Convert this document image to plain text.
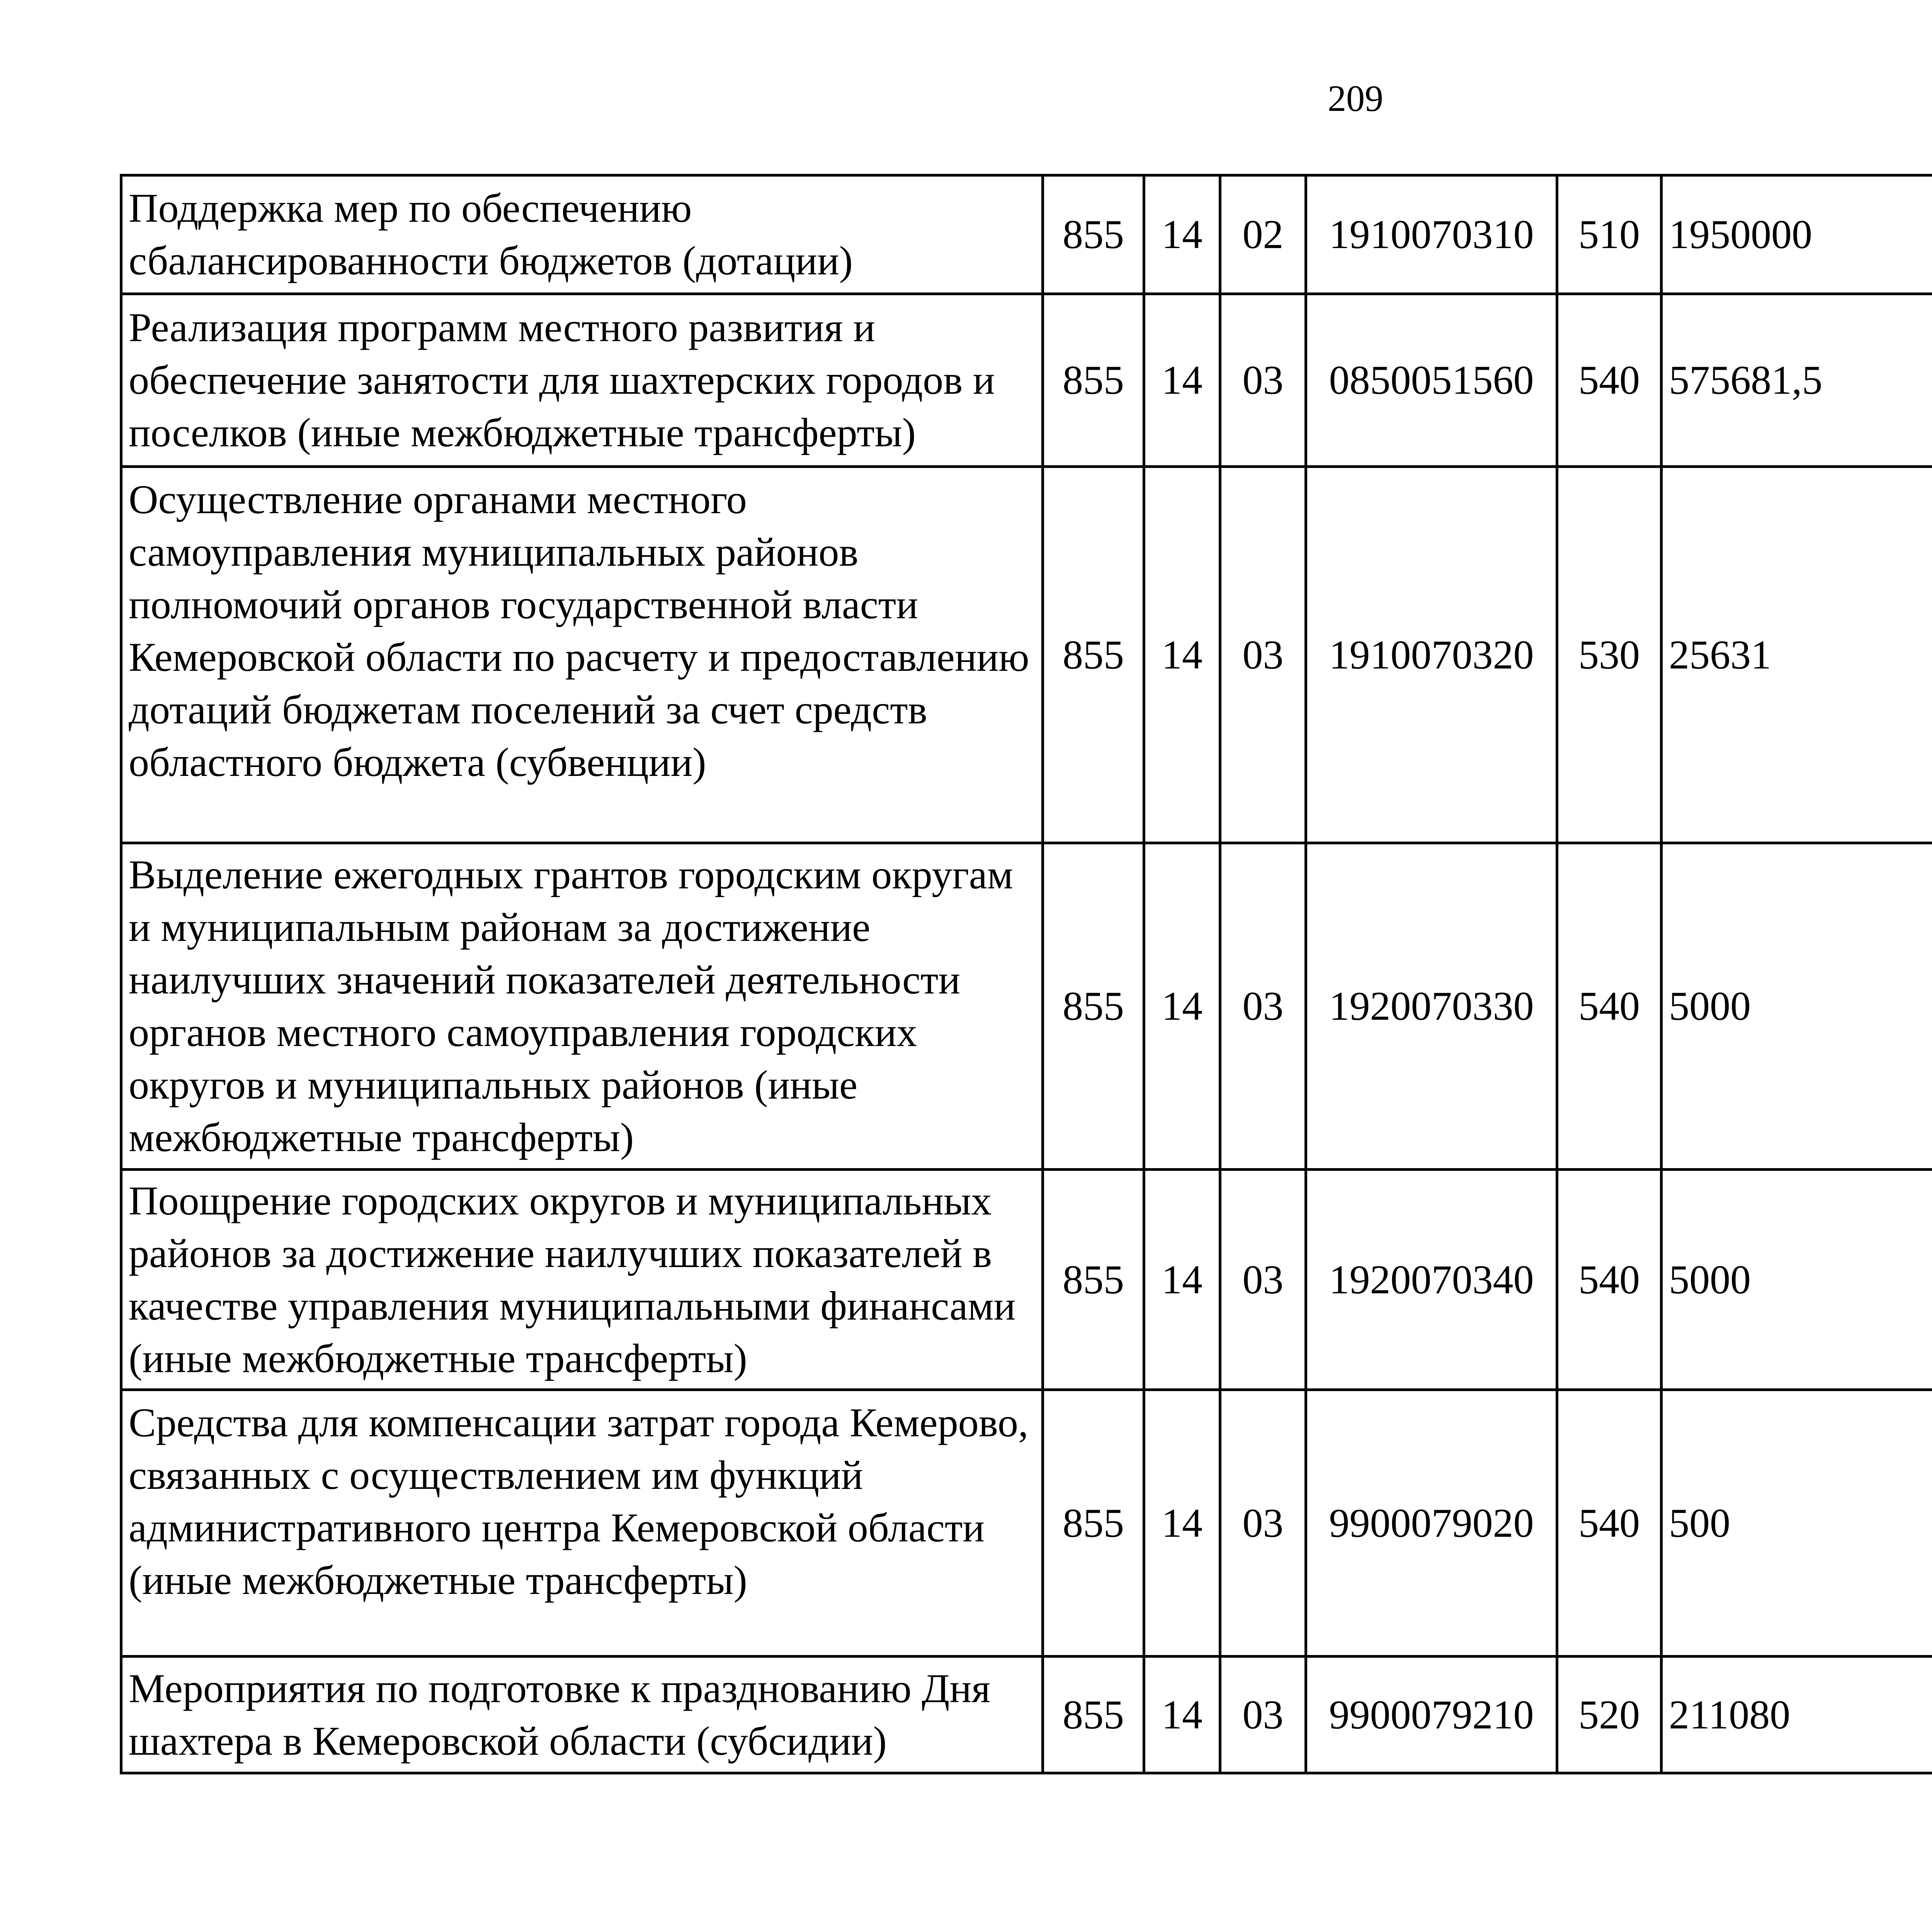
209
Поддержка мер по обеспечению сбалансированности бюджетов (дотации)	855	14	02	1910070310	510	1950000		
Реализация программ местного развития и обеспечение занятости для шахтерских городов и поселков (иные межбюджетные трансферты)	855	14	03	0850051560	540	575681,5		
Осуществление органами местного самоуправления муниципальных районов полномочий органов государственной власти Кемеровской области по расчету и предоставлению дотаций бюджетам поселений за счет средств областного бюджета (субвенции)	855	14	03	1910070320	530	25631		
Выделение ежегодных грантов городским округам и муниципальным районам за достижение наилучших значений показателей деятельности органов местного самоуправления городских округов и муниципальных районов (иные межбюджетные трансферты)	855	14	03	1920070330	540	5000		
Поощрение городских округов и муниципальных районов за достижение наилучших показателей в качестве управления муниципальными финансами (иные межбюджетные трансферты)	855	14	03	1920070340	540	5000		
Средства для компенсации затрат города Кемерово, связанных с осуществлением им функций административного центра Кемеровской области (иные межбюджетные трансферты)	855	14	03	9900079020	540	500		
Мероприятия по подготовке к празднованию Дня шахтера в Кемеровской области (субсидии)	855	14	03	9900079210	520	211080		
